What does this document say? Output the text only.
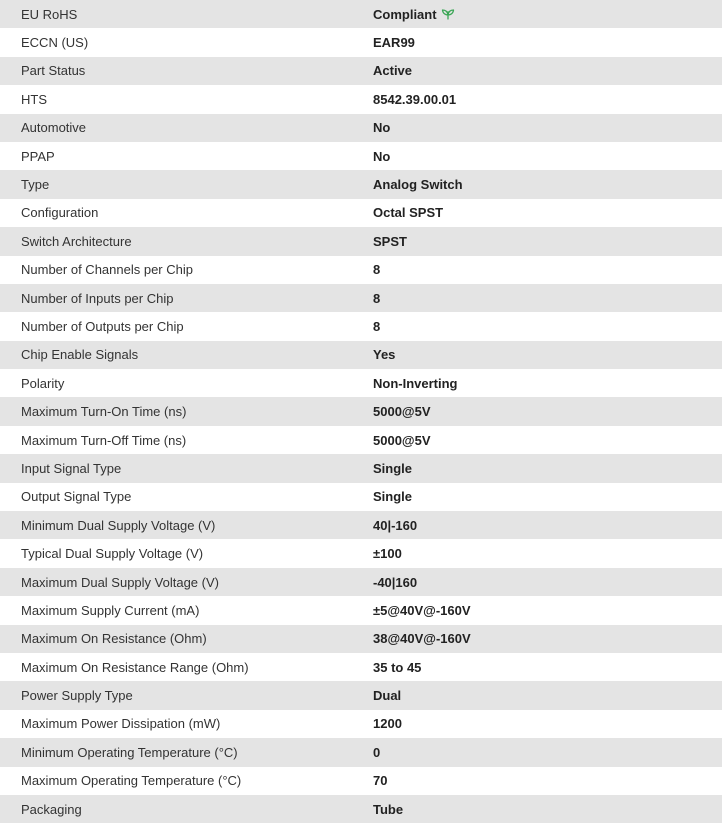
EU RoHS	Compliant
ECCN (US)	EAR99
Part Status	Active
HTS	8542.39.00.01
Automotive	No
PPAP	No
Type	Analog Switch
Configuration	Octal SPST
Switch Architecture	SPST
Number of Channels per Chip	8
Number of Inputs per Chip	8
Number of Outputs per Chip	8
Chip Enable Signals	Yes
Polarity	Non-Inverting
Maximum Turn-On Time (ns)	5000@5V
Maximum Turn-Off Time (ns)	5000@5V
Input Signal Type	Single
Output Signal Type	Single
Minimum Dual Supply Voltage (V)	40|-160
Typical Dual Supply Voltage (V)	±100
Maximum Dual Supply Voltage (V)	-40|160
Maximum Supply Current (mA)	±5@40V@-160V
Maximum On Resistance (Ohm)	38@40V@-160V
Maximum On Resistance Range (Ohm)	35 to 45
Power Supply Type	Dual
Maximum Power Dissipation (mW)	1200
Minimum Operating Temperature (°C)	0
Maximum Operating Temperature (°C)	70
Packaging	Tube
